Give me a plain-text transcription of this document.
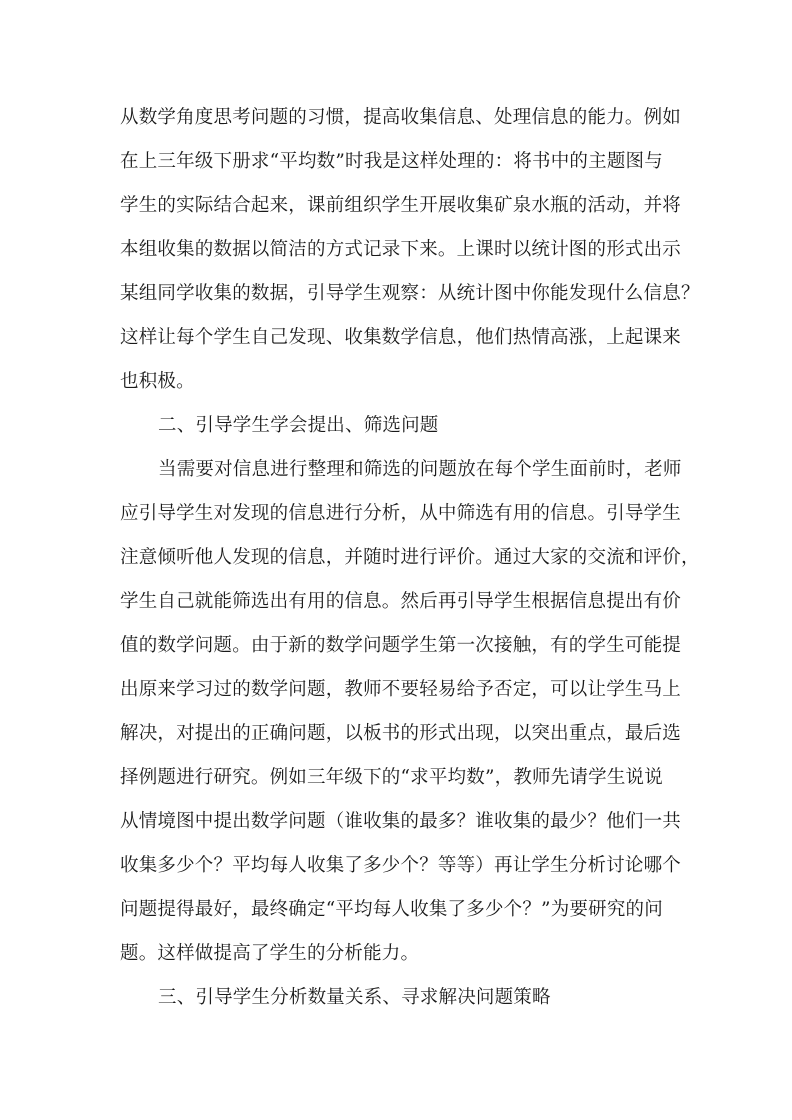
从数学角度思考问题的习惯，提高收集信息、处理信息的能力。例如
在上三年级下册求“平均数”时我是这样处理的：将书中的主题图与
学生的实际结合起来，课前组织学生开展收集矿泉水瓶的活动，并将
本组收集的数据以简洁的方式记录下来。上课时以统计图的形式出示
某组同学收集的数据，引导学生观察：从统计图中你能发现什么信息？
这样让每个学生自己发现、收集数学信息，他们热情高涨，上起课来
也积极。
二、引导学生学会提出、筛选问题
当需要对信息进行整理和筛选的问题放在每个学生面前时，老师
应引导学生对发现的信息进行分析，从中筛选有用的信息。引导学生
注意倾听他人发现的信息，并随时进行评价。通过大家的交流和评价，
学生自己就能筛选出有用的信息。然后再引导学生根据信息提出有价
值的数学问题。由于新的数学问题学生第一次接触，有的学生可能提
出原来学习过的数学问题，教师不要轻易给予否定，可以让学生马上
解决，对提出的正确问题，以板书的形式出现，以突出重点，最后选
择例题进行研究。例如三年级下的“求平均数”，教师先请学生说说
从情境图中提出数学问题（谁收集的最多？谁收集的最少？他们一共
收集多少个？平均每人收集了多少个？等等）再让学生分析讨论哪个
问题提得最好，最终确定“平均每人收集了多少个？”为要研究的问
题。这样做提高了学生的分析能力。
三、引导学生分析数量关系、寻求解决问题策略
